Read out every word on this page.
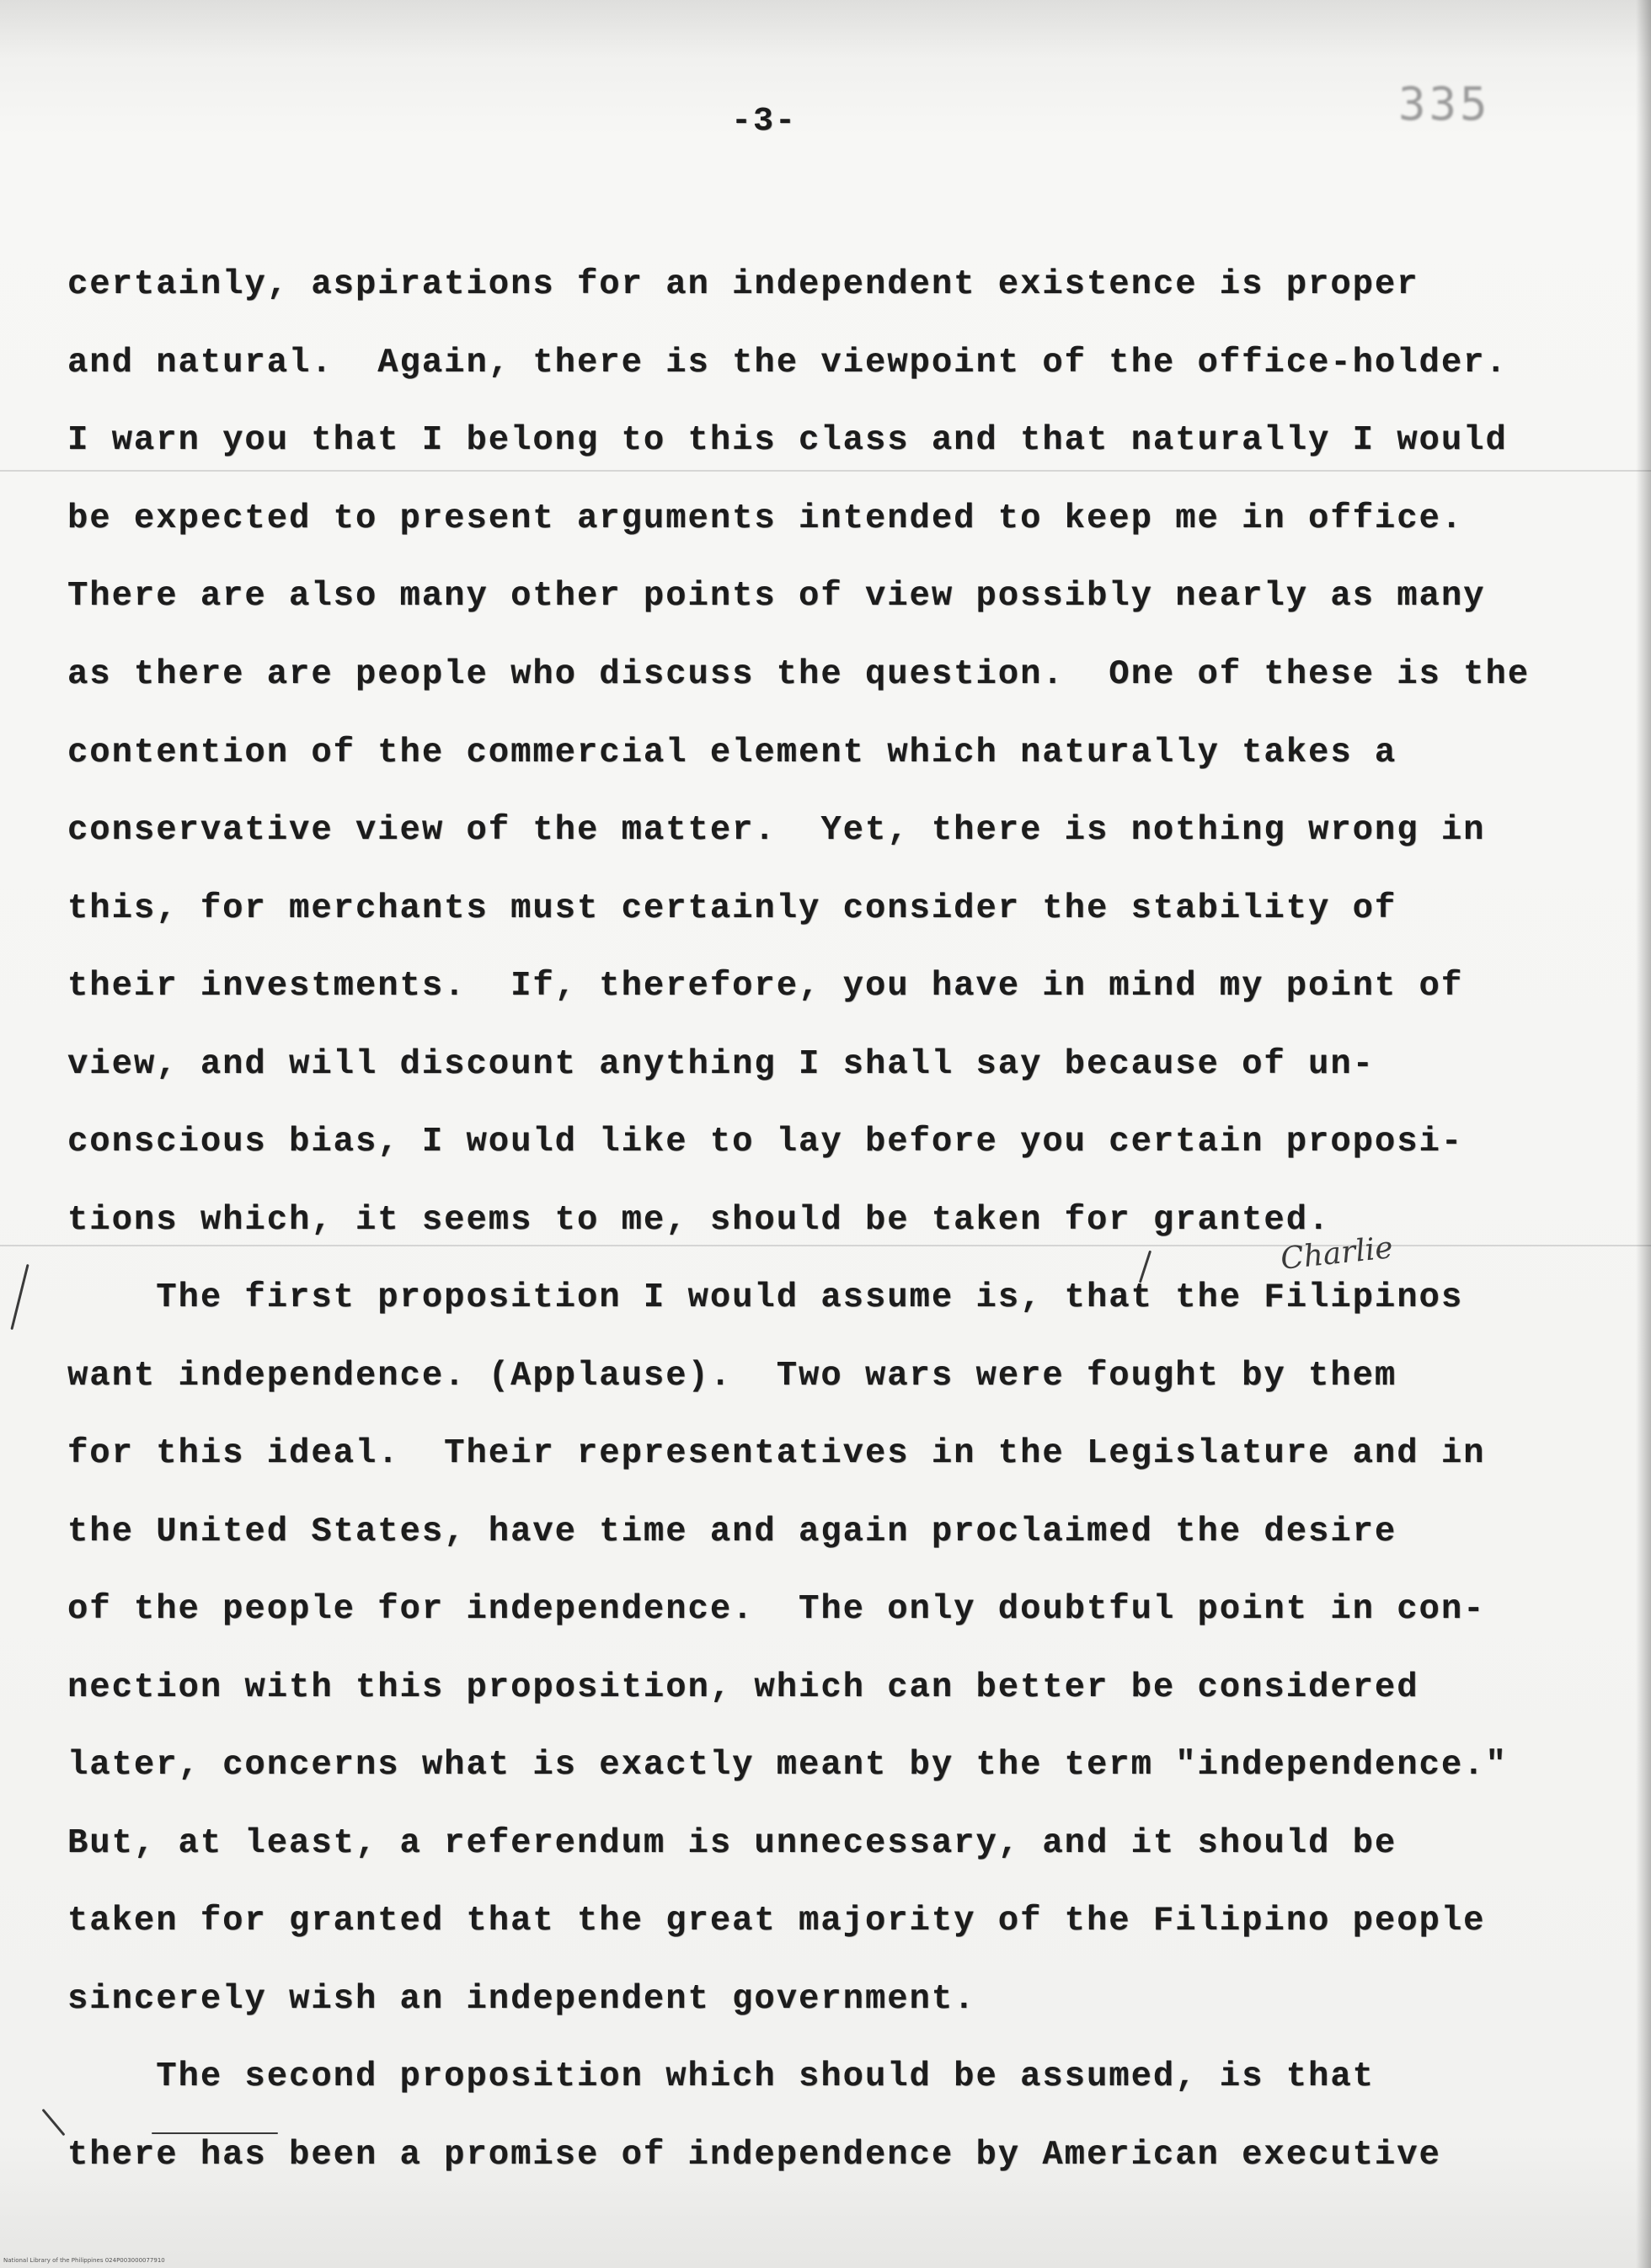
-3-	335
certainly, aspirations for an independent existence is proper
and natural.  Again, there is the viewpoint of the office-holder.
I warn you that I belong to this class and that naturally I would
be expected to present arguments intended to keep me in office.
There are also many other points of view possibly nearly as many
as there are people who discuss the question.  One of these is the
contention of the commercial element which naturally takes a
conservative view of the matter.  Yet, there is nothing wrong in
this, for merchants must certainly consider the stability of
their investments.  If, therefore, you have in mind my point of
view, and will discount anything I shall say because of un-
conscious bias, I would like to lay before you certain proposi-
tions which, it seems to me, should be taken for granted.
The first proposition I would assume is, that the Filipinos
want independence. (Applause).  Two wars were fought by them
for this ideal.  Their representatives in the Legislature and in
the United States, have time and again proclaimed the desire
of the people for independence.  The only doubtful point in con-
nection with this proposition, which can better be considered
later, concerns what is exactly meant by the term "independence."
But, at least, a referendum is unnecessary, and it should be
taken for granted that the great majority of the Filipino people
sincerely wish an independent government.
The second proposition which should be assumed, is that
there has been a promise of independence by American executive
Charlie
National Library of the Philippines 024P003000077910
